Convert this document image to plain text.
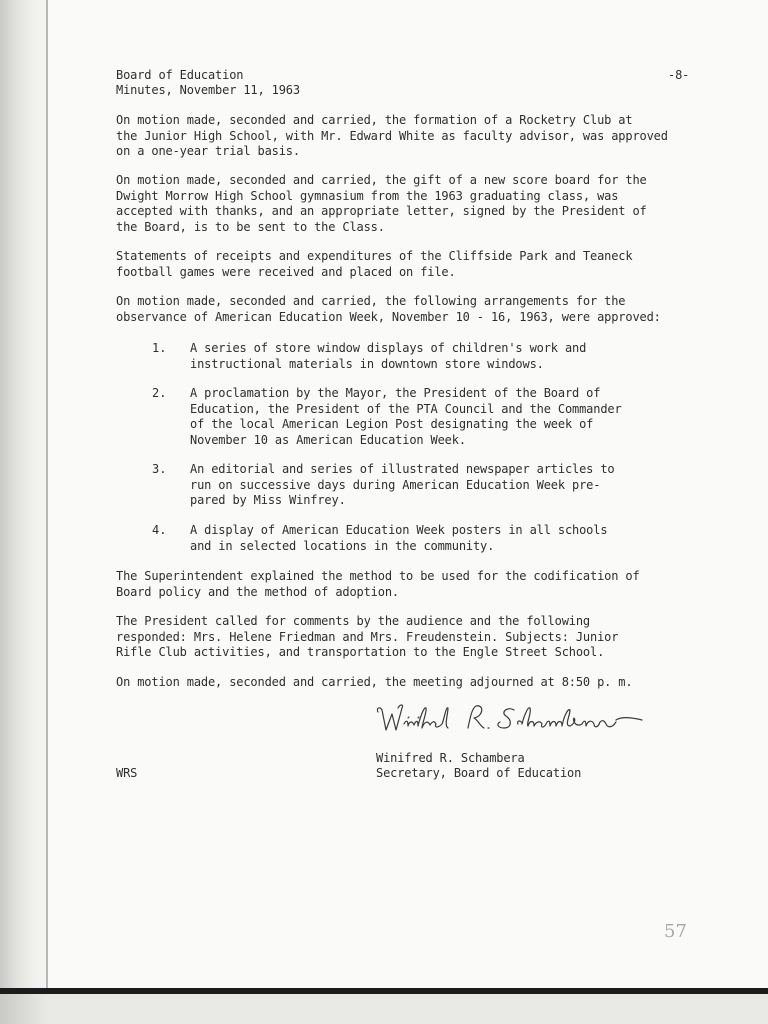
Board of Education
Minutes, November 11, 1963
-8-
On motion made, seconded and carried, the formation of a Rocketry Club at
the Junior High School, with Mr. Edward White as faculty advisor, was approved
on a one-year trial basis.
On motion made, seconded and carried, the gift of a new score board for the
Dwight Morrow High School gymnasium from the 1963 graduating class, was
accepted with thanks, and an appropriate letter, signed by the President of
the Board, is to be sent to the Class.
Statements of receipts and expenditures of the Cliffside Park and Teaneck
football games were received and placed on file.
On motion made, seconded and carried, the following arrangements for the
observance of American Education Week, November 10 - 16, 1963, were approved:
1. A series of store window displays of children's work and
instructional materials in downtown store windows.
2. A proclamation by the Mayor, the President of the Board of
Education, the President of the PTA Council and the Commander
of the local American Legion Post designating the week of
November 10 as American Education Week.
3. An editorial and series of illustrated newspaper articles to
run on successive days during American Education Week pre-
pared by Miss Winfrey.
4. A display of American Education Week posters in all schools
and in selected locations in the community.
The Superintendent explained the method to be used for the codification of
Board policy and the method of adoption.
The President called for comments by the audience and the following
responded: Mrs. Helene Friedman and Mrs. Freudenstein. Subjects: Junior
Rifle Club activities, and transportation to the Engle Street School.
On motion made, seconded and carried, the meeting adjourned at 8:50 p. m.
Winifred R. Schambera
Secretary, Board of Education
WRS
57
